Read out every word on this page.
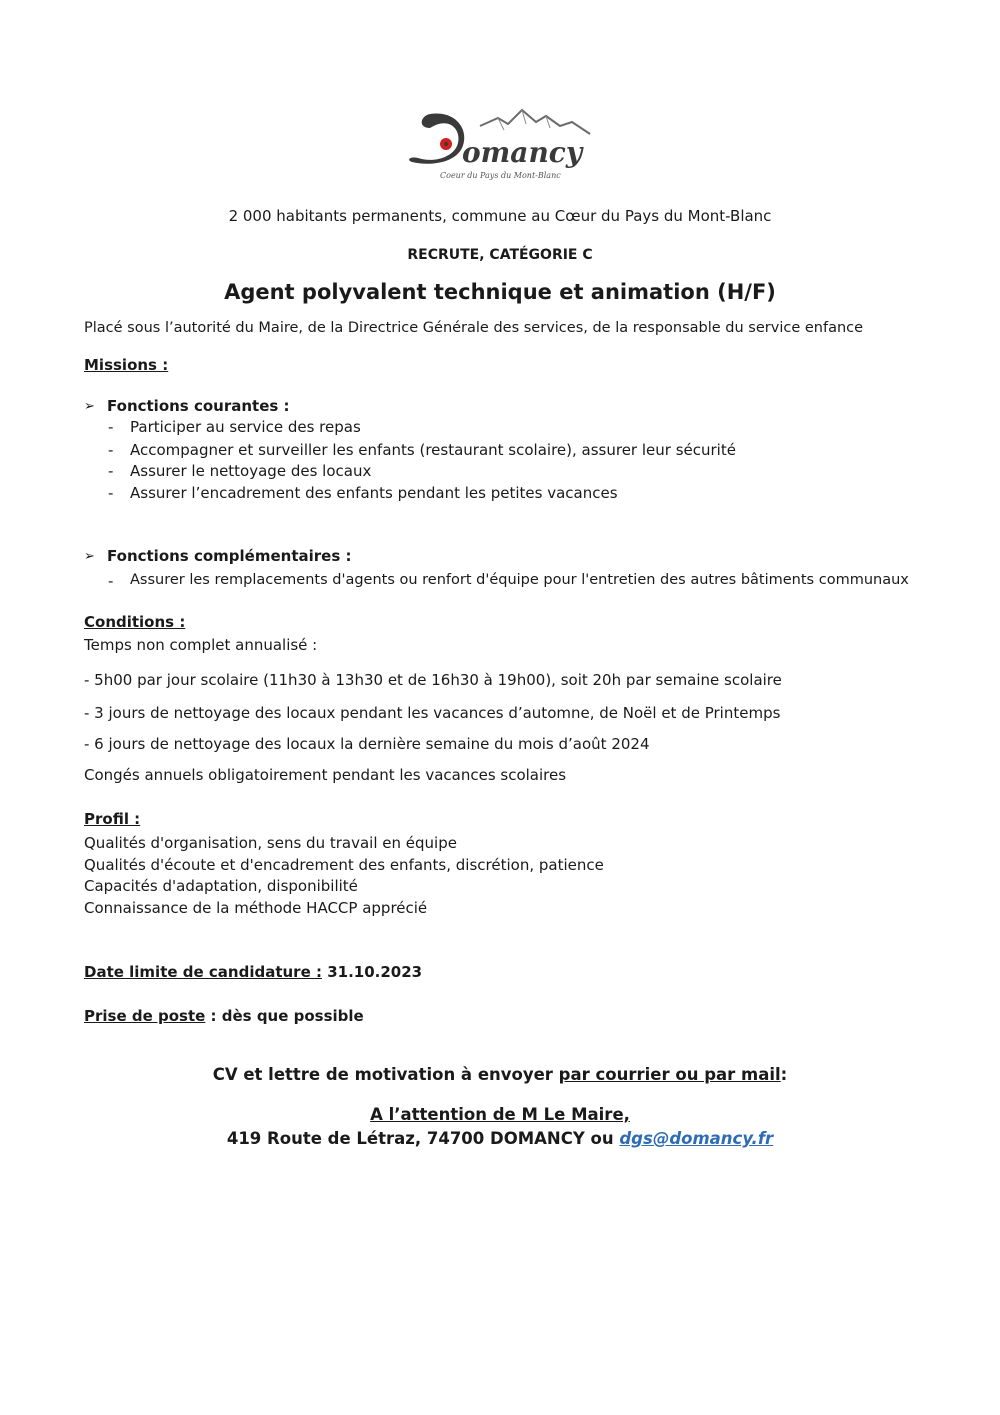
omancy
Coeur du Pays du Mont-Blanc
2 000 habitants permanents, commune au Cœur du Pays du Mont-Blanc
RECRUTE, CATÉGORIE C
Agent polyvalent technique et animation (H/F)
Placé sous l’autorité du Maire, de la Directrice Générale des services, de la responsable du service enfance
Missions :
➢ Fonctions courantes :
- Participer au service des repas
- Accompagner et surveiller les enfants (restaurant scolaire), assurer leur sécurité
- Assurer le nettoyage des locaux
- Assurer l’encadrement des enfants pendant les petites vacances
➢ Fonctions complémentaires :
- Assurer les remplacements d'agents ou renfort d'équipe pour l'entretien des autres bâtiments communaux
Conditions :
Temps non complet annualisé :
- 5h00 par jour scolaire (11h30 à 13h30 et de 16h30 à 19h00), soit 20h par semaine scolaire
- 3 jours de nettoyage des locaux pendant les vacances d’automne, de Noël et de Printemps
- 6 jours de nettoyage des locaux la dernière semaine du mois d’août 2024
Congés annuels obligatoirement pendant les vacances scolaires
Profil :
Qualités d'organisation, sens du travail en équipe
Qualités d'écoute et d'encadrement des enfants, discrétion, patience
Capacités d'adaptation, disponibilité
Connaissance de la méthode HACCP apprécié
Date limite de candidature : 31.10.2023
Prise de poste : dès que possible
CV et lettre de motivation à envoyer par courrier ou par mail:
A l’attention de M Le Maire,
419 Route de Létraz, 74700 DOMANCY ou dgs@domancy.fr
